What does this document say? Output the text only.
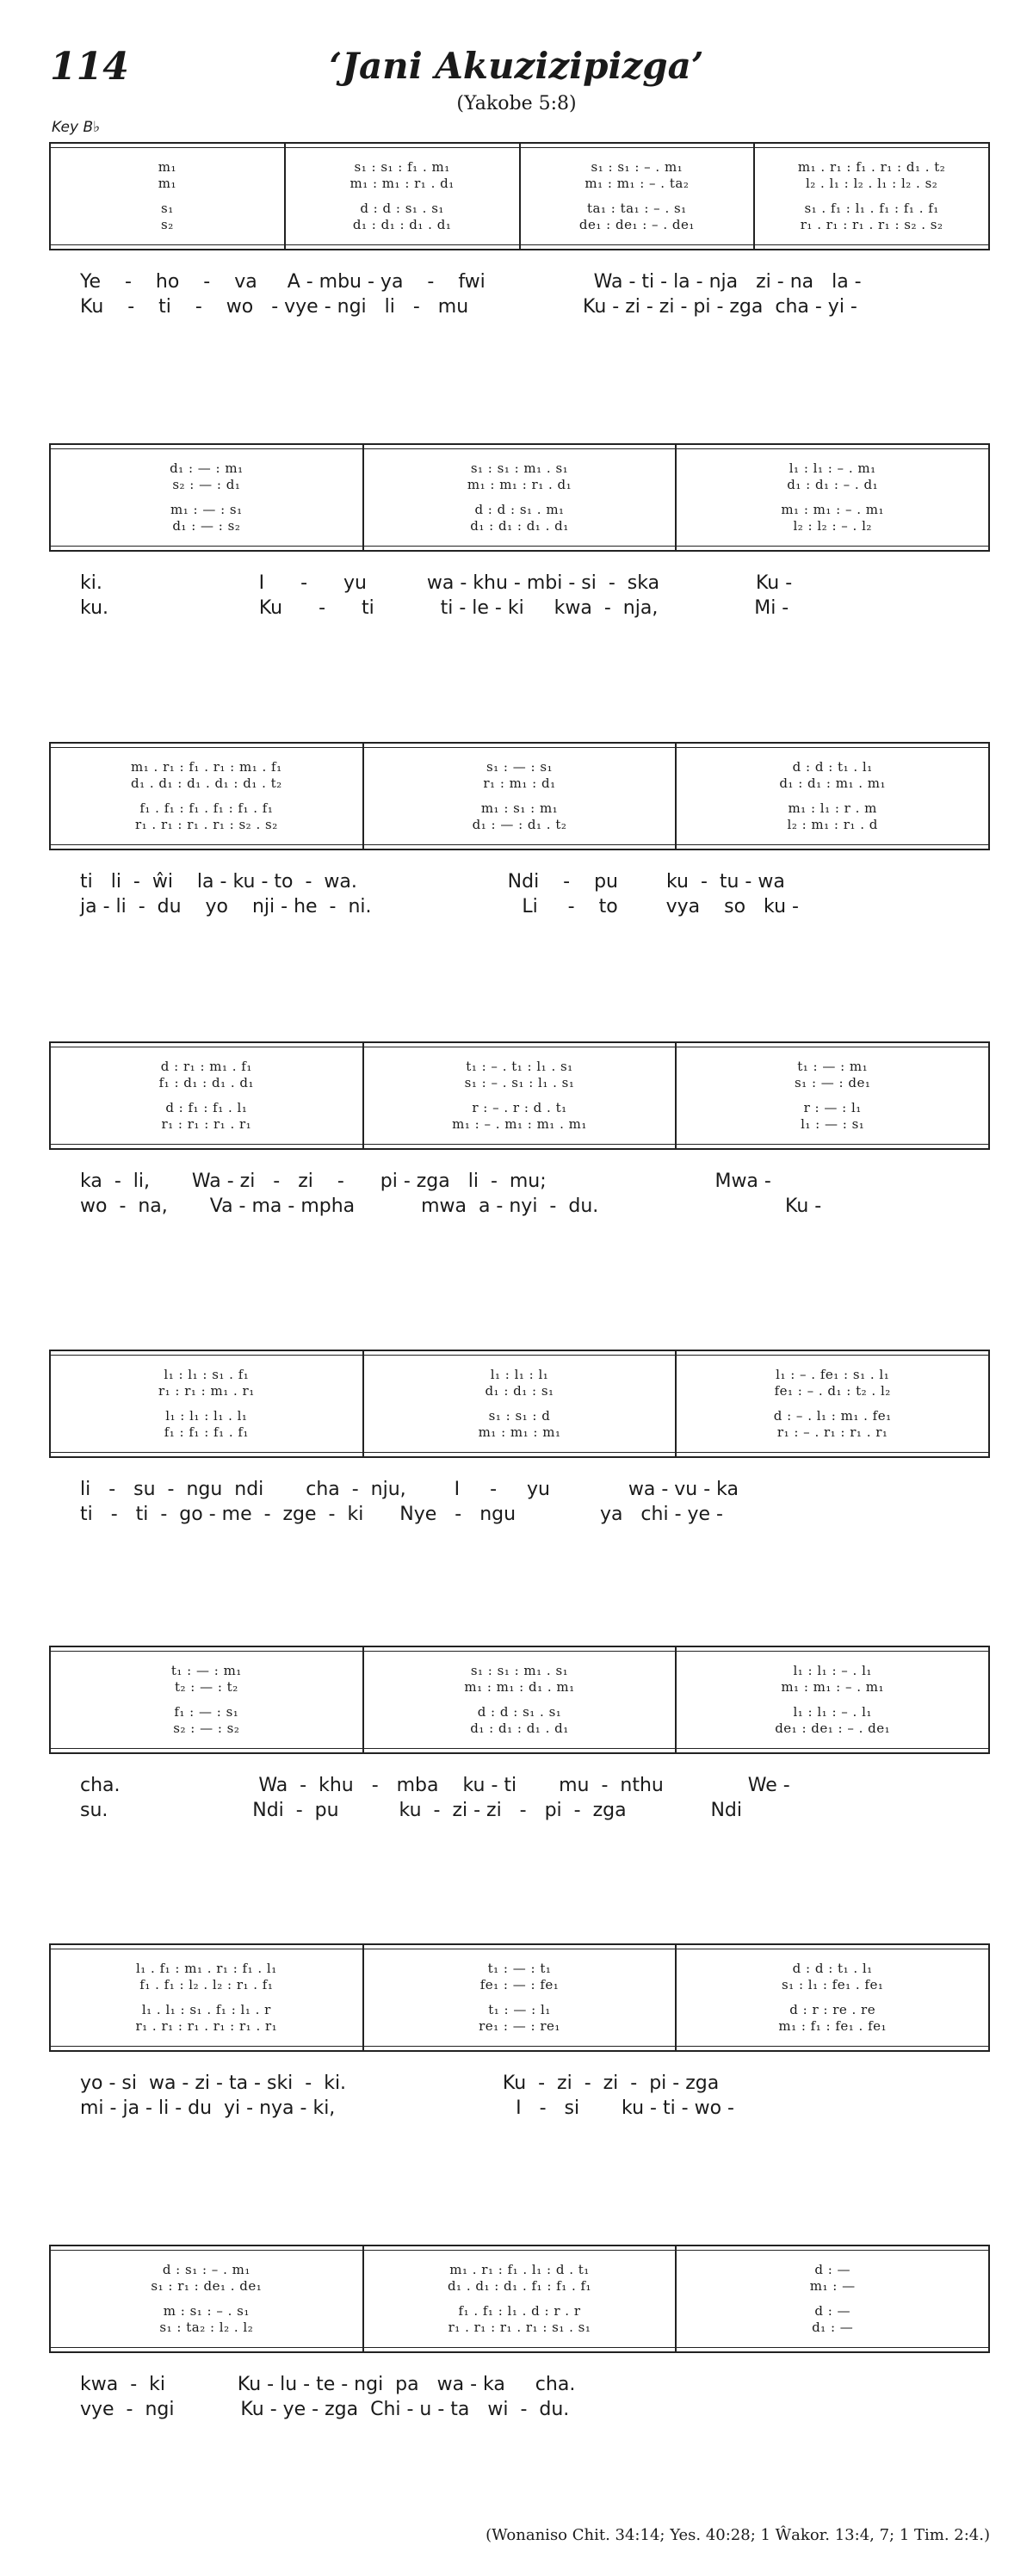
114	‘Jani Akuzizipizga’
(Yakobe 5:8)
Key B♭
m₁
m₁
s₁
s₂
s₁ : s₁ : f₁ . m₁
m₁ : m₁ : r₁ . d₁
d : d : s₁ . s₁
d₁ : d₁ : d₁ . d₁
s₁ : s₁ : – . m₁
m₁ : m₁ : – . ta₂
ta₁ : ta₁ : – . s₁
de₁ : de₁ : – . de₁
m₁ . r₁ : f₁ . r₁ : d₁ . t₂
l₂ . l₁ : l₂ . l₁ : l₂ . s₂
s₁ . f₁ : l₁ . f₁ : f₁ . f₁
r₁ . r₁ : r₁ . r₁ : s₂ . s₂
Ye    -    ho    -    va     A - mbu - ya    -    fwi                  Wa - ti - la - nja   zi - na   la -
Ku    -    ti    -    wo   - vye - ngi   li   -   mu                   Ku - zi - zi - pi - zga  cha - yi -
d₁ : — : m₁
s₂ : — : d₁
m₁ : — : s₁
d₁ : — : s₂
s₁ : s₁ : m₁ . s₁
m₁ : m₁ : r₁ . d₁
d : d : s₁ . m₁
d₁ : d₁ : d₁ . d₁
l₁ : l₁ : – . m₁
d₁ : d₁ : – . d₁
m₁ : m₁ : – . m₁
l₂ : l₂ : – . l₂
ki.                          I      -      yu          wa - khu - mbi - si  -  ska                Ku -
ku.                         Ku      -      ti           ti - le - ki     kwa  -  nja,                Mi -
m₁ . r₁ : f₁ . r₁ : m₁ . f₁
d₁ . d₁ : d₁ . d₁ : d₁ . t₂
f₁ . f₁ : f₁ . f₁ : f₁ . f₁
r₁ . r₁ : r₁ . r₁ : s₂ . s₂
s₁ : — : s₁
r₁ : m₁ : d₁
m₁ : s₁ : m₁
d₁ : — : d₁ . t₂
d : d : t₁ . l₁
d₁ : d₁ : m₁ . m₁
m₁ : l₁ : r . m
l₂ : m₁ : r₁ . d
ti   li  -  ŵi    la - ku - to  -  wa.                         Ndi    -    pu        ku  -  tu - wa
ja - li  -  du    yo    nji - he  -  ni.                         Li     -    to        vya    so   ku -
d : r₁ : m₁ . f₁
f₁ : d₁ : d₁ . d₁
d : f₁ : f₁ . l₁
r₁ : r₁ : r₁ . r₁
t₁ : – . t₁ : l₁ . s₁
s₁ : – . s₁ : l₁ . s₁
r : – . r : d . t₁
m₁ : – . m₁ : m₁ . m₁
t₁ : — : m₁
s₁ : — : de₁
r : — : l₁
l₁ : — : s₁
ka  -  li,       Wa - zi   -   zi    -      pi - zga   li  -  mu;                            Mwa -
wo  -  na,       Va - ma - mpha           mwa  a - nyi  -  du.                               Ku -
l₁ : l₁ : s₁ . f₁
r₁ : r₁ : m₁ . r₁
l₁ : l₁ : l₁ . l₁
f₁ : f₁ : f₁ . f₁
l₁ : l₁ : l₁
d₁ : d₁ : s₁
s₁ : s₁ : d
m₁ : m₁ : m₁
l₁ : – . fe₁ : s₁ . l₁
fe₁ : – . d₁ : t₂ . l₂
d : – . l₁ : m₁ . fe₁
r₁ : – . r₁ : r₁ . r₁
li   -   su  -  ngu  ndi       cha  -  nju,        I     -     yu             wa - vu - ka
ti   -   ti  -  go - me  -  zge  -  ki      Nye   -   ngu              ya   chi - ye -
t₁ : — : m₁
t₂ : — : t₂
f₁ : — : s₁
s₂ : — : s₂
s₁ : s₁ : m₁ . s₁
m₁ : m₁ : d₁ . m₁
d : d : s₁ . s₁
d₁ : d₁ : d₁ . d₁
l₁ : l₁ : – . l₁
m₁ : m₁ : – . m₁
l₁ : l₁ : – . l₁
de₁ : de₁ : – . de₁
cha.                       Wa  -  khu   -   mba    ku - ti       mu  -  nthu              We -
su.                        Ndi  -  pu          ku  -  zi - zi   -   pi  -  zga              Ndi
l₁ . f₁ : m₁ . r₁ : f₁ . l₁
f₁ . f₁ : l₂ . l₂ : r₁ . f₁
l₁ . l₁ : s₁ . f₁ : l₁ . r
r₁ . r₁ : r₁ . r₁ : r₁ . r₁
t₁ : — : t₁
fe₁ : — : fe₁
t₁ : — : l₁
re₁ : — : re₁
d : d : t₁ . l₁
s₁ : l₁ : fe₁ . fe₁
d : r : re . re
m₁ : f₁ : fe₁ . fe₁
yo - si  wa - zi - ta - ski  -  ki.                          Ku  -  zi  -  zi  -  pi - zga
mi - ja - li - du  yi - nya - ki,                              I   -   si       ku - ti - wo -
d : s₁ : – . m₁
s₁ : r₁ : de₁ . de₁
m : s₁ : – . s₁
s₁ : ta₂ : l₂ . l₂
m₁ . r₁ : f₁ . l₁ : d . t₁
d₁ . d₁ : d₁ . f₁ : f₁ . f₁
f₁ . f₁ : l₁ . d : r . r
r₁ . r₁ : r₁ . r₁ : s₁ . s₁
d : —
m₁ : —
d : —
d₁ : —
kwa  -  ki            Ku - lu - te - ngi  pa   wa - ka     cha.
vye  -  ngi           Ku - ye - zga  Chi - u - ta   wi  -  du.
(Wonaniso Chit. 34:14; Yes. 40:28; 1 Ŵakor. 13:4, 7; 1 Tim. 2:4.)
